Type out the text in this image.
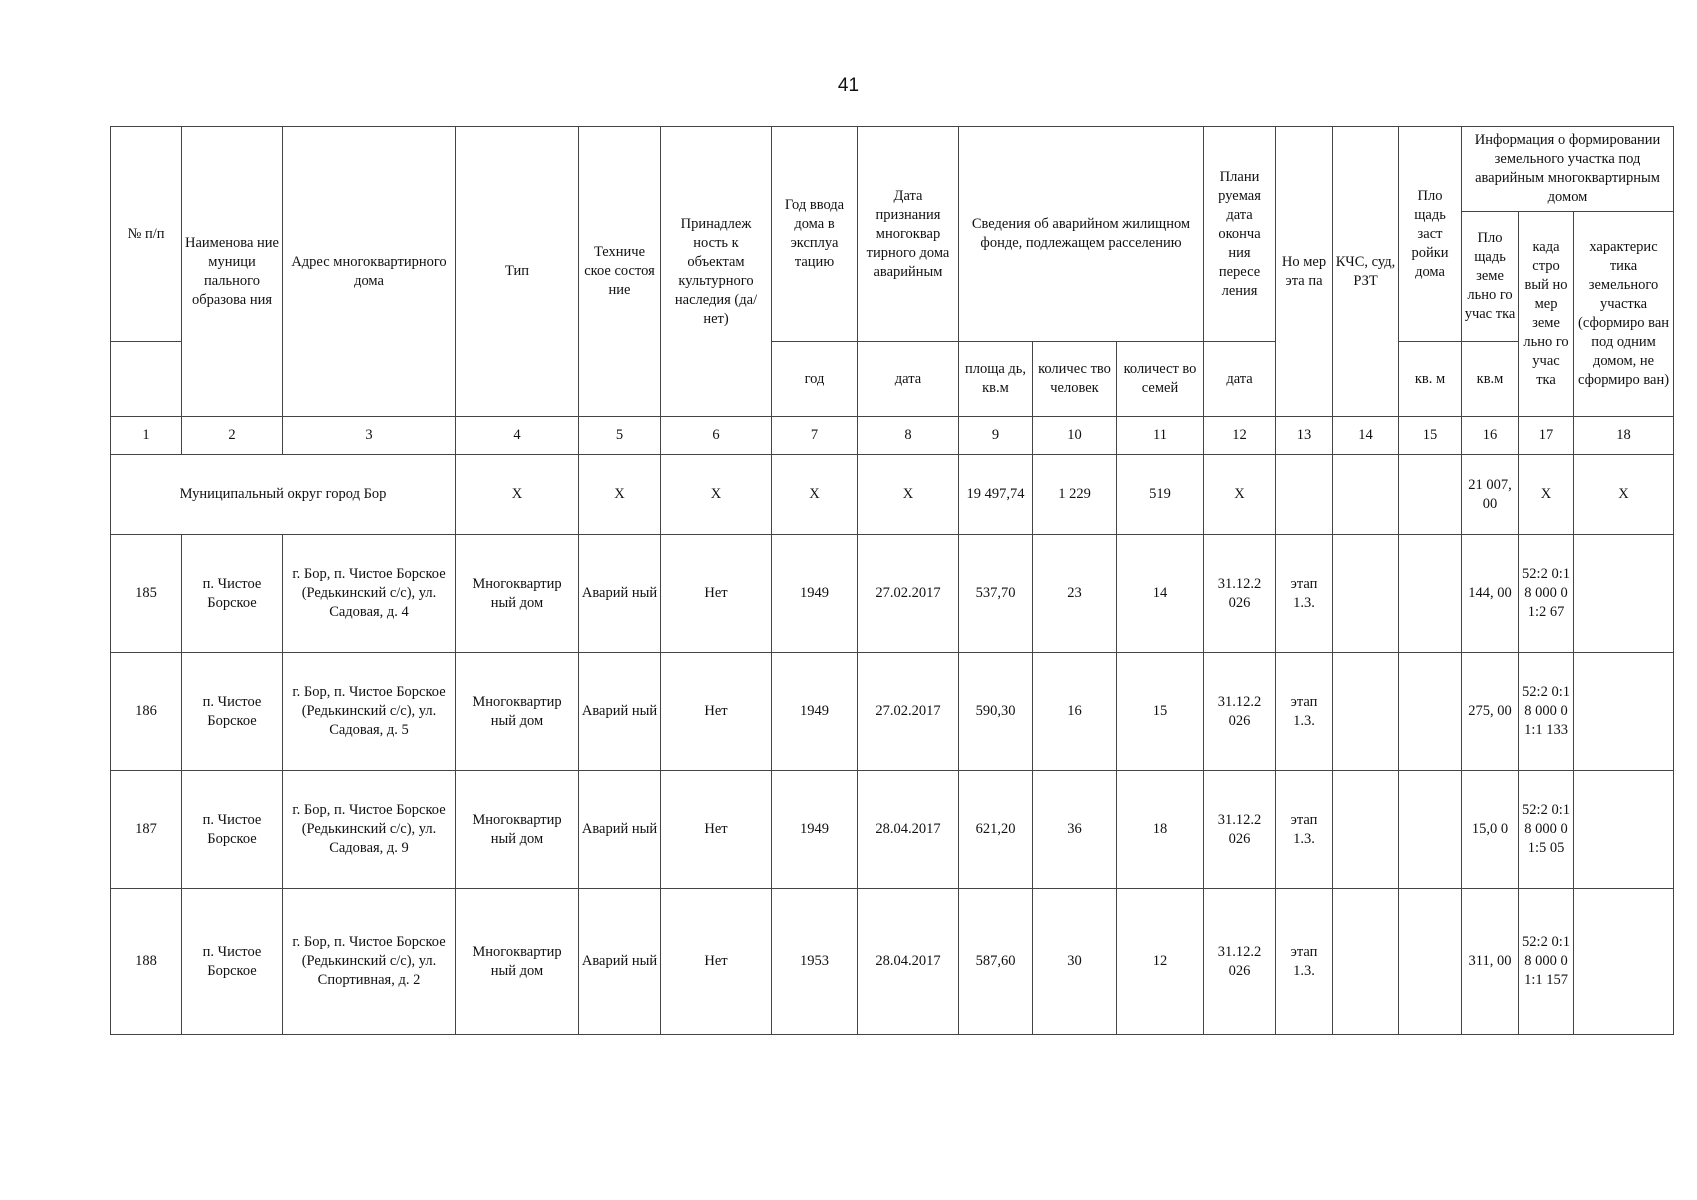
41
№ п/п	Наименова ние муници пального образова ния	Адрес многоквартирного дома	Тип	Техниче ское состоя ние	Принадлеж ность к объектам культурного наследия (да/нет)	Год ввода дома в эксплуа тацию	Дата признания многоквар тирного дома аварийным	Сведения об аварийном жилищном фонде, подлежащем расселению			Плани руемая дата оконча ния пересе ления	Но мер эта па	КЧС, суд, РЗТ	Пло щадь заст ройки дома	Информация о формировании земельного участка под аварийным многоквартирным домом		
															Пло щадь земе льно го учас тка	када стро вый но мер земе льно го учас тка	характерис тика земельного участка (сформиро ван под одним домом, не сформиро ван)
						год	дата	площа дь, кв.м	количес тво человек	количест во семей	дата			кв. м	кв.м		
1	2	3	4	5	6	7	8	9	10	11	12	13	14	15	16	17	18
Муниципальный округ город Бор			Х	Х	Х	Х	Х	19 497,74	1 229	519	Х				21 007, 00	Х	Х
185	п. Чистое Борское	г. Бор, п. Чистое Борское (Редькинский с/с), ул. Садовая, д. 4	Многоквартир ный дом	Аварий ный	Нет	1949	27.02.2017	537,70	23	14	31.12.2 026	этап 1.3.			144, 00	52:2 0:18 000 01:2 67	
186	п. Чистое Борское	г. Бор, п. Чистое Борское (Редькинский с/с), ул. Садовая, д. 5	Многоквартир ный дом	Аварий ный	Нет	1949	27.02.2017	590,30	16	15	31.12.2 026	этап 1.3.			275, 00	52:2 0:18 000 01:1 133	
187	п. Чистое Борское	г. Бор, п. Чистое Борское (Редькинский с/с), ул. Садовая, д. 9	Многоквартир ный дом	Аварий ный	Нет	1949	28.04.2017	621,20	36	18	31.12.2 026	этап 1.3.			15,0 0	52:2 0:18 000 01:5 05	
188	п. Чистое Борское	г. Бор, п. Чистое Борское (Редькинский с/с), ул. Спортивная, д. 2	Многоквартир ный дом	Аварий ный	Нет	1953	28.04.2017	587,60	30	12	31.12.2 026	этап 1.3.			311, 00	52:2 0:18 000 01:1 157	
